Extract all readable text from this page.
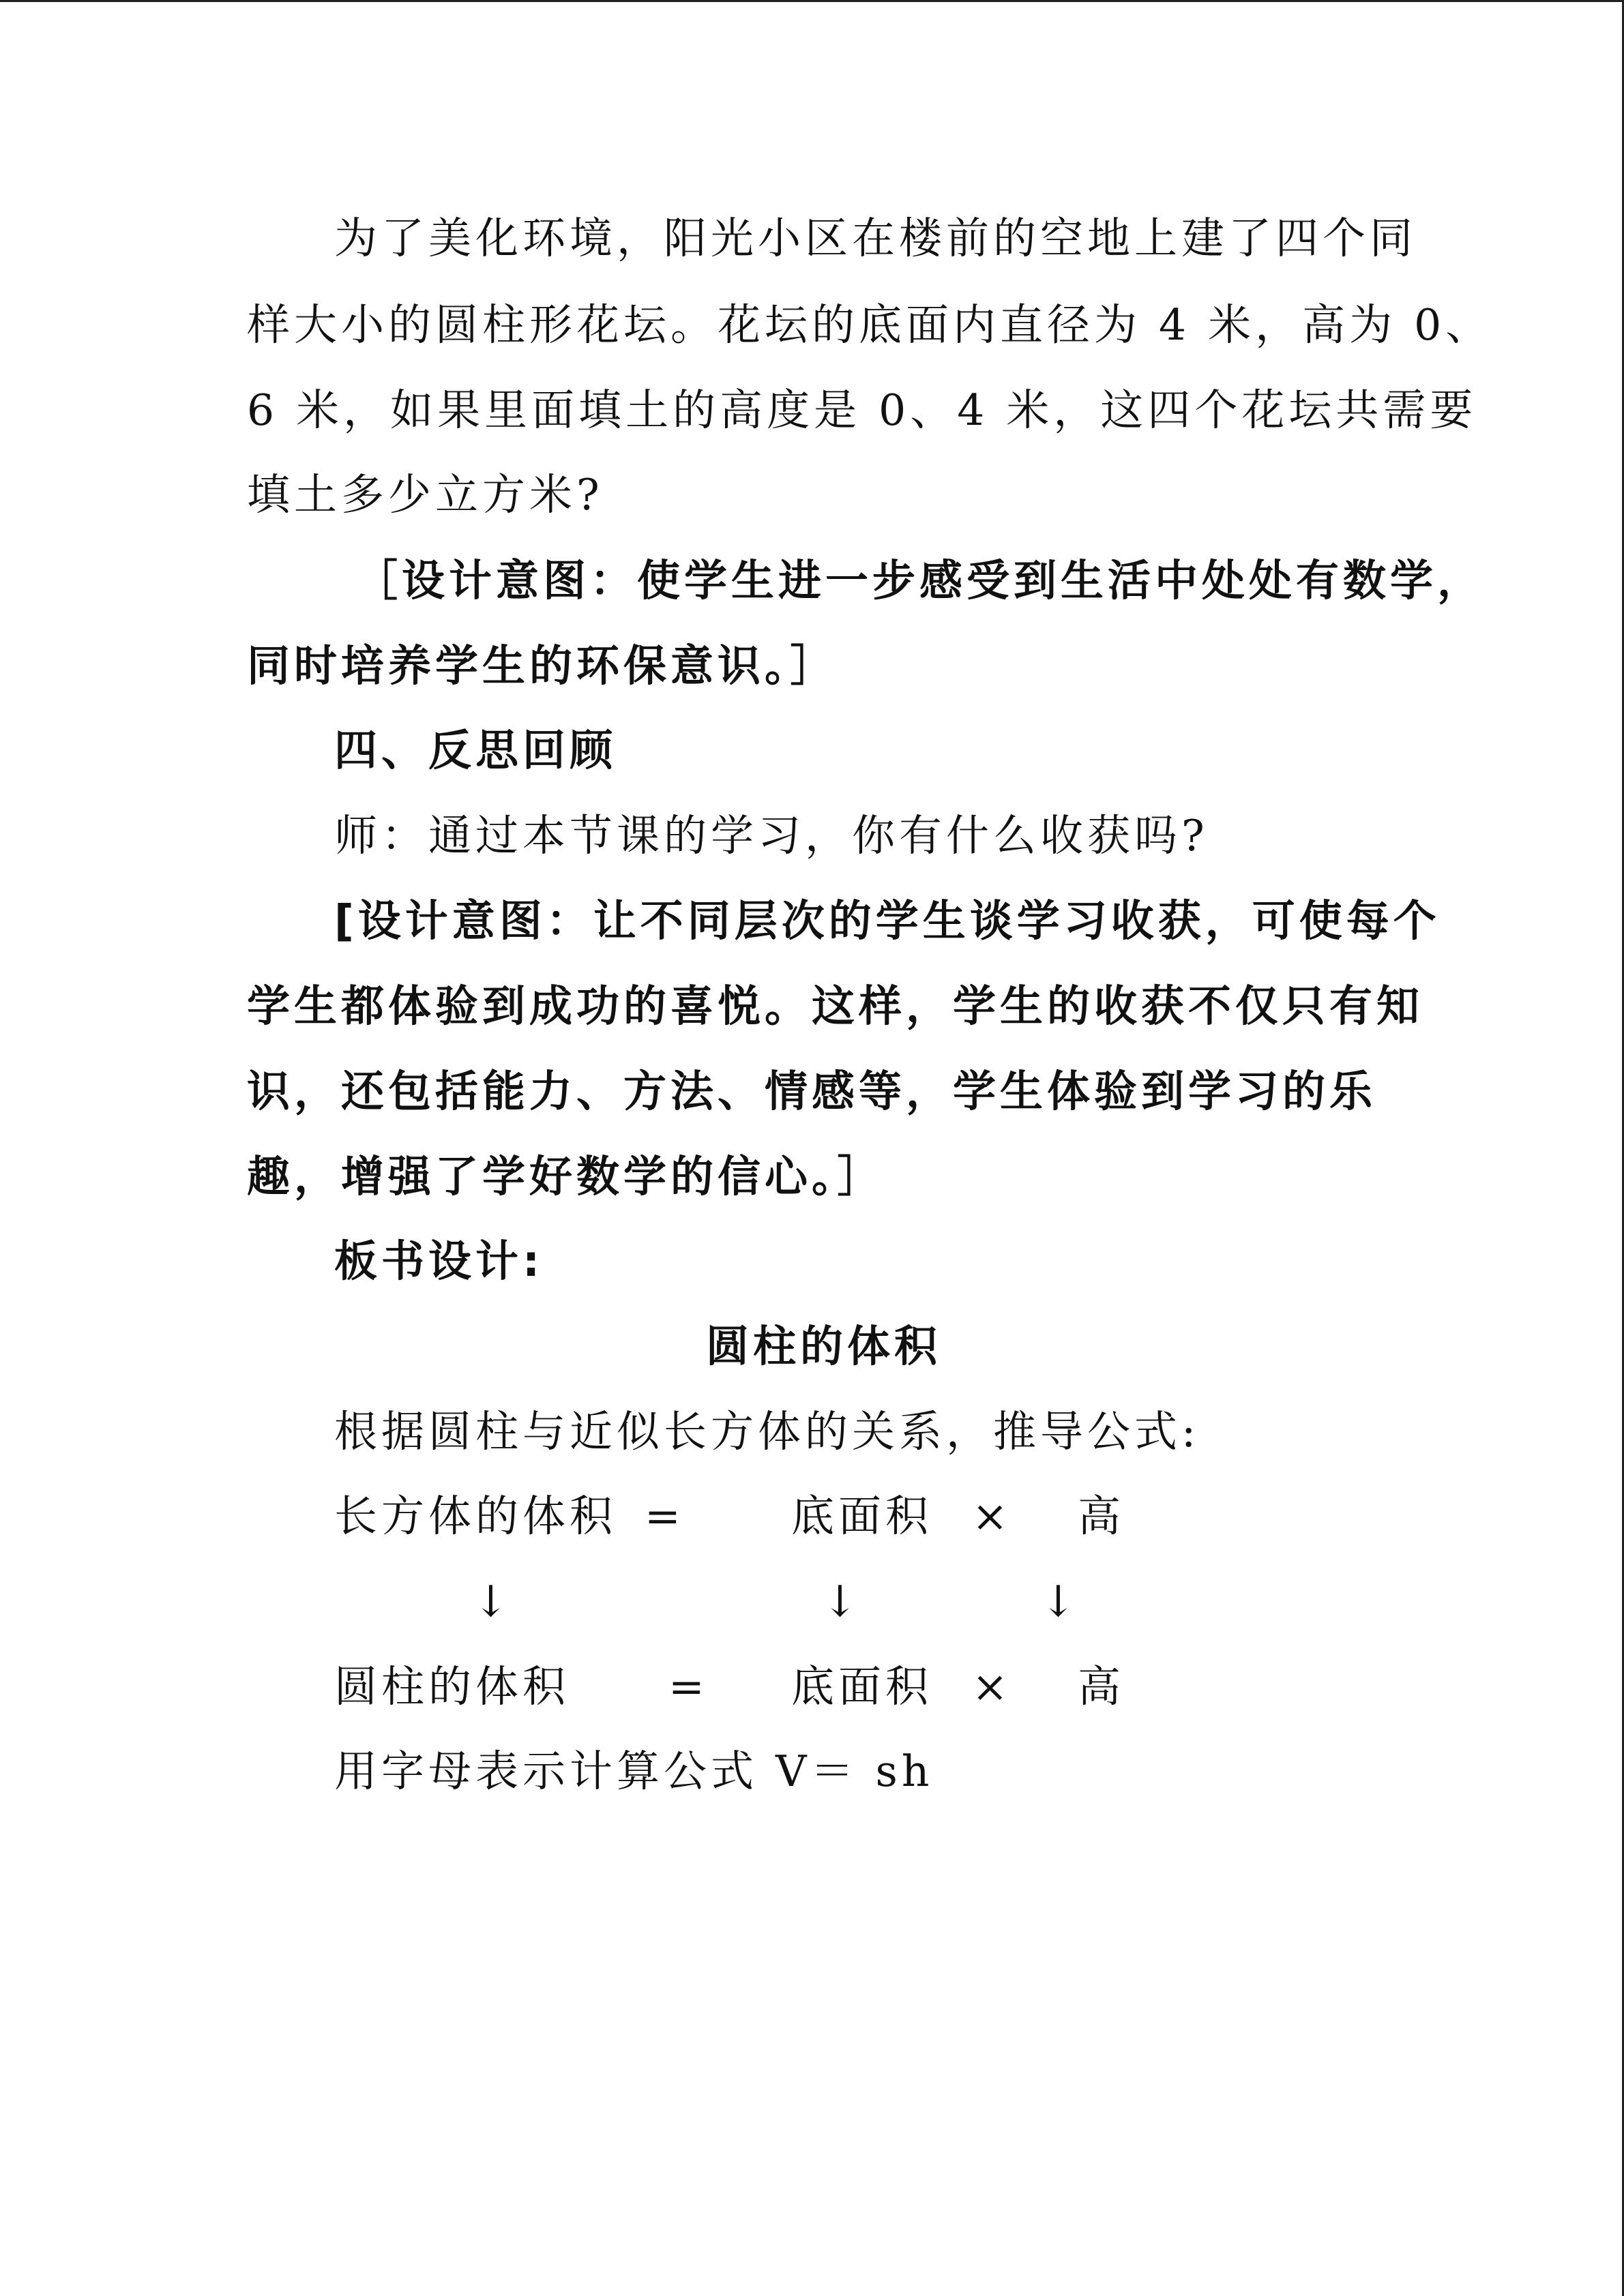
为了美化环境，阳光小区在楼前的空地上建了四个同
样大小的圆柱形花坛。花坛的底面内直径为 4 米，高为 0、
6 米，如果里面填土的高度是 0、4 米，这四个花坛共需要
填土多少立方米?
［设计意图：使学生进一步感受到生活中处处有数学，
同时培养学生的环保意识。］
四、反思回顾
师：通过本节课的学习，你有什么收获吗?
[设计意图：让不同层次的学生谈学习收获，可使每个
学生都体验到成功的喜悦。这样，学生的收获不仅只有知
识，还包括能力、方法、情感等，学生体验到学习的乐
趣，增强了学好数学的信心。］
板书设计:
圆柱的体积
根据圆柱与近似长方体的关系，推导公式:
长方体的体积 = 底面积 × 高
↓	↓	↓
圆柱的体积 = 底面积 × 高
用字母表示计算公式 V＝ sh
